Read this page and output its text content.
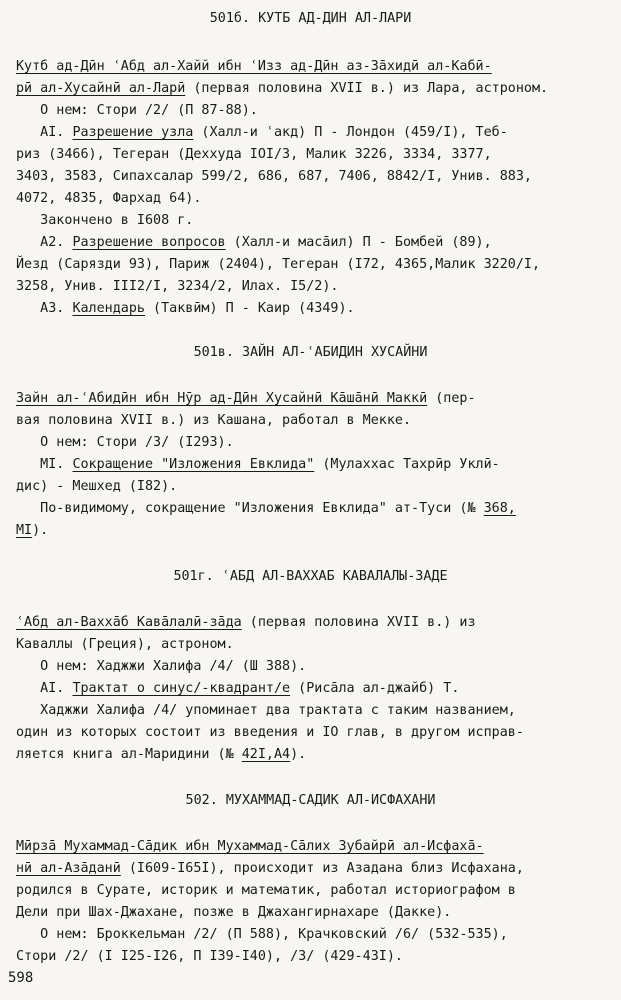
501б. КУТБ АД-ДИН АЛ-ЛАРИ
Кутб ад-Дӣн ʿАбд ал-Хайй ибн ʿИзз ад-Дӣн аз-Зāхидӣ ал-Кабӣ-
рӣ ал-Хусайнӣ ал-Ларӣ (первая половина XVII в.) из Лара, астроном.
О нем: Стори /2/ (П 87-88).
AI. Разрешение узла (Халл-и ʿакд) П - Лондон (459/I), Теб-
риз (3466), Тегеран (Дехxуда IOI/3, Малик 3226, 3334, 3377,
3403, 3583, Сипахсалар 599/2, 686, 687, 7406, 8842/I, Унив. 883,
4072, 4835, Фархад 64).
Закончено в I608 г.
А2. Разрешение вопросов (Халл-и масāил) П - Бомбей (89),
Йезд (Сарязди 93), Париж (2404), Тегеран (I72, 4365,Малик 3220/I,
3258, Унив. III2/I, 3234/2, Илах. I5/2).
А3. Календарь (Таквӣм) П - Каир (4349).
501в. ЗАЙН АЛ-ʿАБИДИН ХУСАЙНИ
Зайн ал-ʿАбидӣн ибн Нӯр ад-Дӣн Хусайнӣ Кāшāнӣ Маккӣ (пер-
вая половина XVII в.) из Кашана, работал в Мекке.
О нем: Стори /3/ (I293).
MI. Сокращение "Изложения Евклида" (Мулаххас Тахрӣр Уклӣ-
дис) - Мешхед (I82).
По-видимому, сокращение "Изложения Евклида" ат-Туси (№ 368,
MI).
501г. ʿАБД АЛ-ВАХХАБ КАВАЛАЛЫ-ЗАДЕ
ʿАбд ал-Ваххāб Кавāлалӣ-зāда (первая половина XVII в.) из
Каваллы (Греция), астроном.
О нем: Хаджжи Халифа /4/ (Ш 388).
AI. Трактат о синус/-квадрант/е (Рисāла ал-джайб) Т.
Хаджжи Халифа /4/ упоминает два трактата с таким названием,
один из которых состоит из введения и IO глав, в другом исправ-
ляется книга ал-Маридини (№ 42I,A4).
502. МУХАММАД-САДИК АЛ-ИСФАХАНИ
Мӣрзā Мухаммад-Сāдик ибн Мухаммад-Сāлих Зубайрӣ ал-Исфахā-
нӣ ал-Азāданӣ (I609-I65I), происходит из Азадана близ Исфахана,
родился в Сурате, историк и математик, работал историографом в
Дели при Шах-Джахане, позже в Джахангирнахаре (Дакке).
О нем: Броккельман /2/ (П 588), Крачковский /6/ (532-535),
Стори /2/ (I I25-I26, П I39-I40), /3/ (429-43I).
598
